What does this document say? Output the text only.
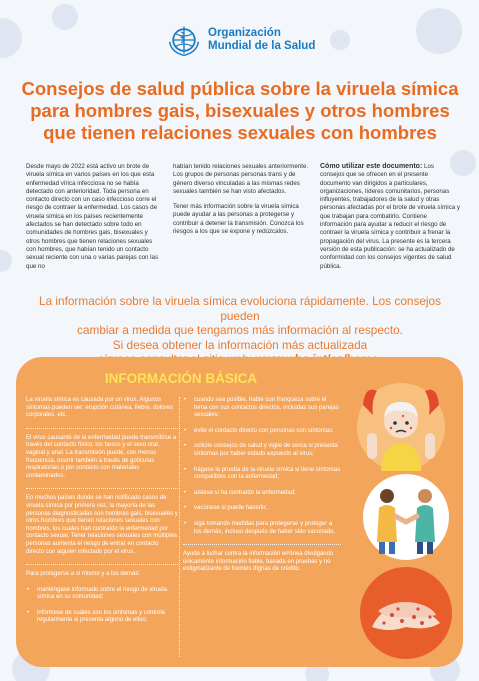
Organización
Mundial de la Salud
Consejos de salud pública sobre la viruela símica para hombres gais, bisexuales y otros hombres que tienen relaciones sexuales con hombres

Desde mayo de 2022 está activo un brote de viruela símica en varios países en los que esta enfermedad vírica infecciosa no se había detectado con anterioridad. Toda persona en contacto directo con un caso infeccioso corre el riesgo de contraer la enfermedad. Los casos de viruela símica en los países recientemente afectados se han detectado sobre todo en comunidades de hombres gais, bisexuales y otros hombres que tienen relaciones sexuales con hombres, que habían tenido un contacto sexual reciente con una o varias parejas con las que no

habían tenido relaciones sexuales anteriormente. Los grupos de personas personas trans y de género diverso vinculadas a las mismas redes sexuales también se han visto afectados.

Tener más información sobre la viruela símica puede ayudar a las personas a protegerse y contribuir a detener la transmisión. Conozca los riesgos a los que se expone y redúzcalos.

Cómo utilizar este documento: Los consejos que se ofrecen en el presente documento van dirigidos a particulares, organizaciones, líderes comunitarios, personas influyentes, trabajadores de la salud y otras personas afectadas por el brote de viruela símica y que trabajan para combatirlo. Contiene información para ayudar a reducir el riesgo de contraer la viruela símica y contribuir a frenar la propagación del virus. La presente es la tercera versión de esta publicación: se ha actualizado de conformidad con los consejos vigentes de salud pública.

La información sobre la viruela símica evoluciona rápidamente. Los consejos pueden
cambiar a medida que tengamos más información al respecto.
Si desea obtener la información más actualizada
INFORMACIÓN BÁSICA

La viruela símica es causada por un virus. Algunos síntomas pueden ser: erupción cutánea, fiebre, dolores corporales, etc.

El virus causante de la enfermedad puede transmitirse a través del contacto físico, los besos y el sexo oral, vaginal y anal. La transmisión puede, con menos frecuencia, ocurrir también a través de gotículas respiratorias o por contacto con materiales contaminados.

En muchos países donde se han notificado casos de viruela símica por primera vez, la mayoría de las personas diagnosticadas son hombres gais, bisexuales y otros hombres que tienen relaciones sexuales con hombres, los cuales han contraído la enfermedad por contacto sexual. Tener relaciones sexuales con múltiples personas aumenta el riesgo de entrar en contacto directo con alguien infectado por el virus.

Para protegerse a sí mismo y a los demás:

• manténgase informado sobre el riesgo de viruela símica en su comunidad;
• infórmese de cuáles son los síntomas y controle regularmente si presenta alguno de ellos;
• cuando sea posible, hable con franqueza sobre el tema con sus contactos directos, incluidas sus parejas sexuales;
• evite el contacto directo con personas con síntomas;
• solicite consejos de salud y vigile de cerca si presenta síntomas por haber estado expuesto al virus;
• hágase la prueba de la viruela símica si tiene síntomas compatibles con la enfermedad;
• aíslese si ha contraído la enfermedad;
• vacúnese si puede hacerlo;
• siga tomando medidas para protegerse y proteger a los demás, incluso después de haber sido vacunado.

Ayude a luchar contra la información errónea divulgando únicamente información fiable, basada en pruebas y no estigmatizante de fuentes dignas de crédito.
